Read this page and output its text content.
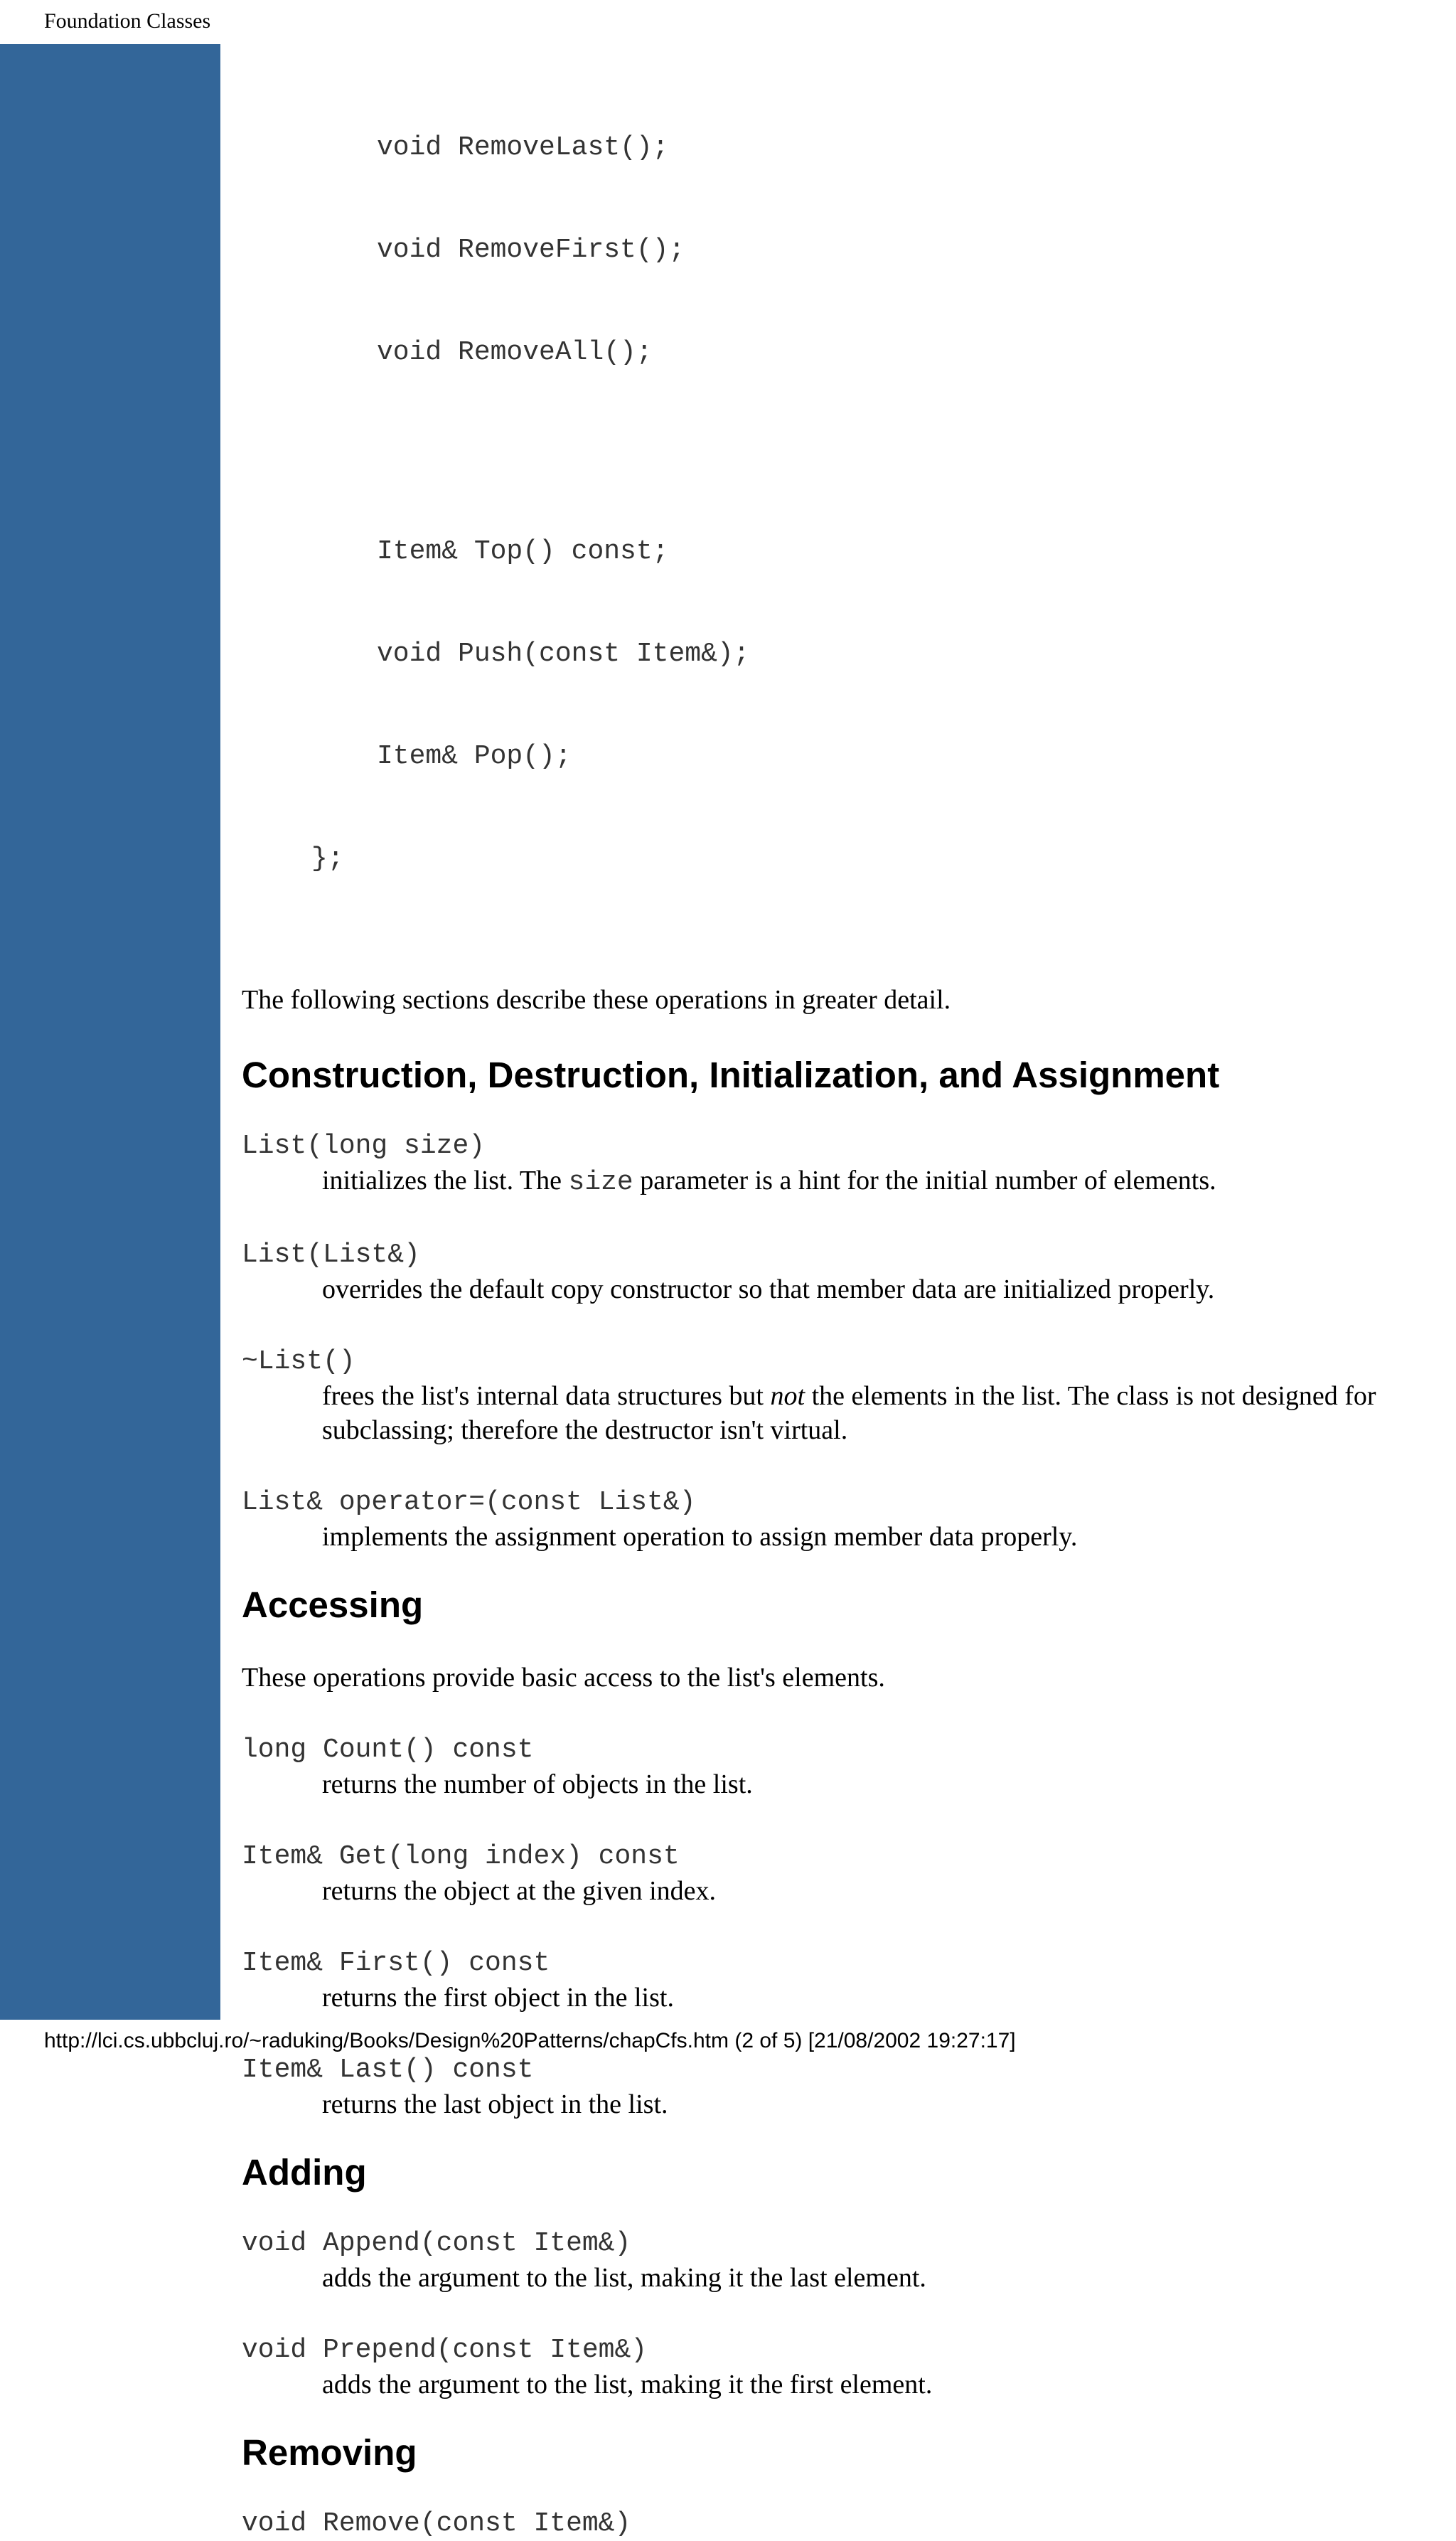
Foundation Classes

void RemoveLast();

void RemoveFirst();

void RemoveAll();

Item& Top() const;

void Push(const Item&);

Item& Pop();

};

The following sections describe these operations in greater detail.
Construction, Destruction, Initialization, and Assignment
List(long size)
initializes the list. The size parameter is a hint for the initial number of elements.
List(List&)
overrides the default copy constructor so that member data are initialized properly.
~List()
frees the list's internal data structures but not the elements in the list. The class is not designed for subclassing; therefore the destructor isn't virtual.
List& operator=(const List&)
implements the assignment operation to assign member data properly.
Accessing
These operations provide basic access to the list's elements.
long Count() const
returns the number of objects in the list.
Item& Get(long index) const
returns the object at the given index.
Item& First() const
returns the first object in the list.
Item& Last() const
returns the last object in the list.
Adding
void Append(const Item&)
adds the argument to the list, making it the last element.
void Prepend(const Item&)
adds the argument to the list, making it the first element.
Removing
void Remove(const Item&)
http://lci.cs.ubbcluj.ro/~raduking/Books/Design%20Patterns/chapCfs.htm (2 of 5) [21/08/2002 19:27:17]
